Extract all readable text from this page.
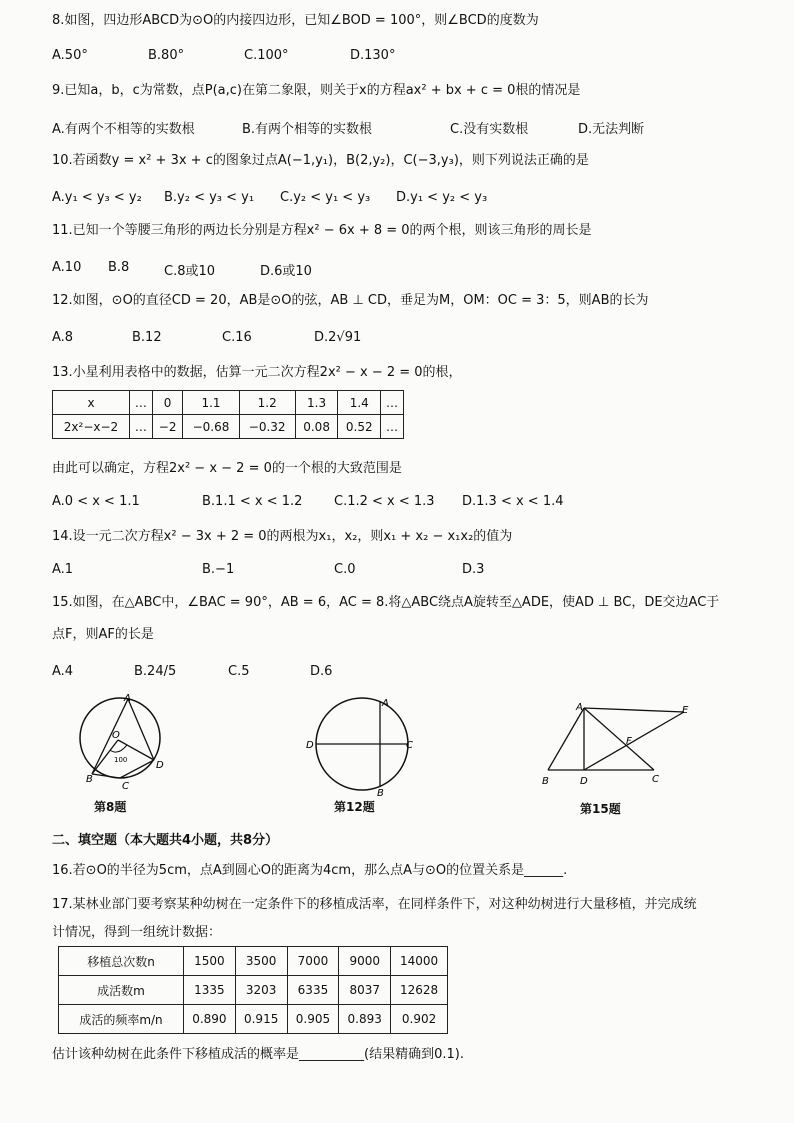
8.如图，四边形ABCD为⊙O的内接四边形，已知∠BOD = 100°，则∠BCD的度数为
A.50°	B.80°	C.100°	D.130°
9.已知a，b，c为常数，点P(a,c)在第二象限，则关于x的方程ax² + bx + c = 0根的情况是
A.有两个不相等的实数根	B.有两个相等的实数根	C.没有实数根	D.无法判断
10.若函数y = x² + 3x + c的图象过点A(−1,y₁)，B(2,y₂)，C(−3,y₃)，则下列说法正确的是
A.y₁ < y₃ < y₂ B.y₂ < y₃ < y₁ C.y₂ < y₁ < y₃ D.y₁ < y₂ < y₃
11.已知一个等腰三角形的两边长分别是方程x² − 6x + 8 = 0的两个根，则该三角形的周长是
A.10 B.8	C.8或10	D.6或10
12.如图，⊙O的直径CD = 20，AB是⊙O的弦，AB ⊥ CD，垂足为M，OM：OC = 3：5，则AB的长为
A.8	B.12	C.16	D.2√91
13.小星利用表格中的数据，估算一元二次方程2x² − x − 2 = 0的根，
x	…	0	1.1	1.2	1.3	1.4	…
2x²−x−2	…	−2	−0.68	−0.32	0.08	0.52	…
由此可以确定，方程2x² − x − 2 = 0的一个根的大致范围是
A.0 < x < 1.1	B.1.1 < x < 1.2 C.1.2 < x < 1.3 D.1.3 < x < 1.4
14.设一元二次方程x² − 3x + 2 = 0的两根为x₁，x₂，则x₁ + x₂ − x₁x₂的值为
A.1	B.−1	C.0	D.3
15.如图，在△ABC中，∠BAC = 90°，AB = 6，AC = 8.将△ABC绕点A旋转至△ADE，使AD ⊥ BC，DE交边AC于
点F，则AF的长是
A.4	B.24/5	C.5	D.6
A
O
100
B
C
D
第8题
A
D	C
B
第12题
A	E
F
B	D	C
第15题
二、填空题（本大题共4小题，共8分）
16.若⊙O的半径为5cm，点A到圆心O的距离为4cm，那么点A与⊙O的位置关系是______.
17.某林业部门要考察某种幼树在一定条件下的移植成活率，在同样条件下，对这种幼树进行大量移植，并完成统
计情况，得到一组统计数据：
移植总次数n	1500	3500	7000	9000	14000
成活数m	1335	3203	6335	8037	12628
成活的频率m/n	0.890	0.915	0.905	0.893	0.902
估计该种幼树在此条件下移植成活的概率是__________(结果精确到0.1).
